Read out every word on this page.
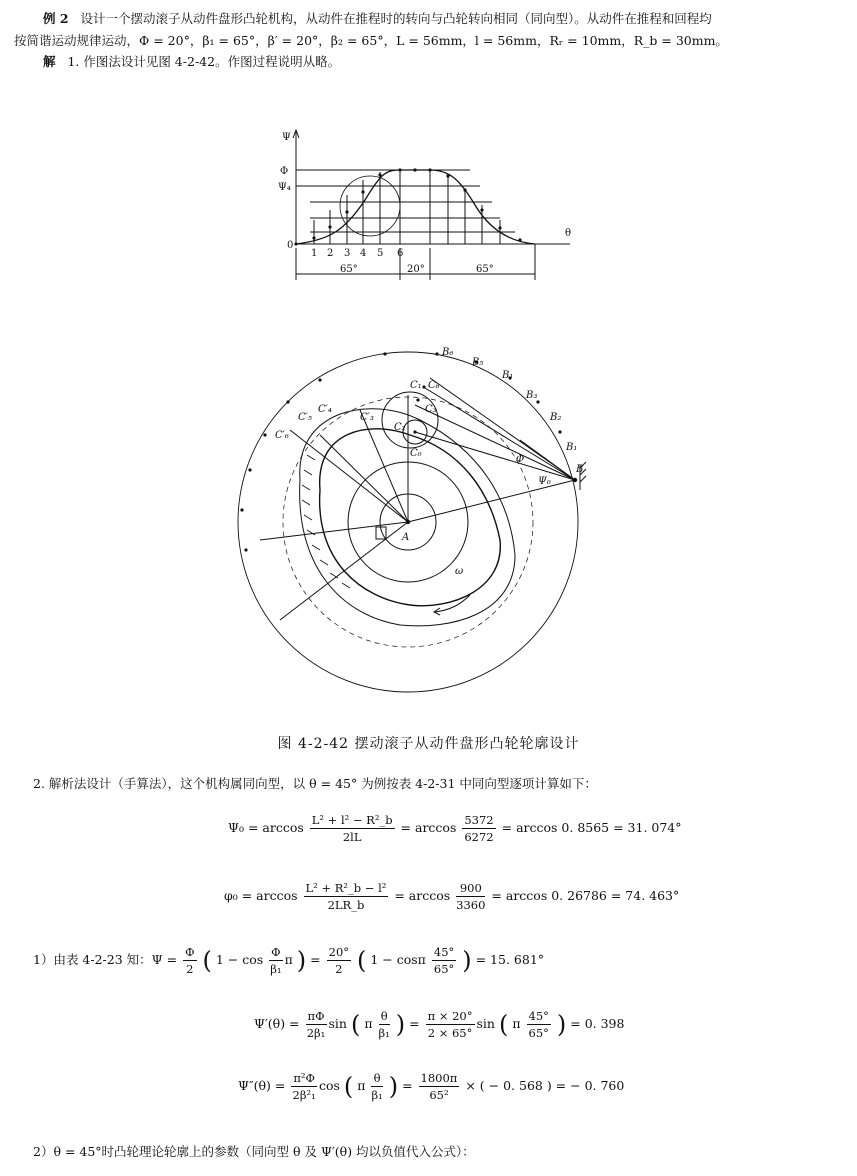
例 2 设计一个摆动滚子从动件盘形凸轮机构，从动件在推程时的转向与凸轮转向相同（同向型）。从动件在推程和回程均
按简谐运动规律运动，Φ = 20°，β₁ = 65°，β′ = 20°，β₂ = 65°，L = 56mm，l = 56mm，Rᵣ = 10mm，R_b = 30mm。
解 1. 作图法设计见图 4-2-42。作图过程说明从略。
Ψ
Φ
Ψ₄
θ
0
1 2 3 4 5 6
65°	20°	65°
A
B
B₁
B₂
B₃
B₁
B₅
B₆
C₀
C₁
C₂
C₃
C₆
C′₃
C′₄
C′₅
C′₆
Φ
Ψ₀
ω
图 4-2-42 摆动滚子从动件盘形凸轮轮廓设计
2. 解析法设计（手算法），这个机构属同向型，以 θ = 45° 为例按表 4-2-31 中同向型逐项计算如下：
$\Psi_0 = \arccos \frac{\text{L² + l² − R²\_b}}{2lL} = \arccos \frac{5372}{6272} = \arccos 0$. 8565 = 31. 074°
$\varphi_0 = \arccos \frac{\text{L² + R²\_b − l²}}{2LR\_b} = \arccos \frac{900}{3360} = \arccos 0$. 26786 = 74. 463°
1）由表 4-2-23 知：$\Psi = \frac{\Phi}{2}$ ( $1 - \cos \frac{\Phi}{\text{β₁}}$ π ) = $\frac{20^\circ}{2}$ ( 1 − cosπ $\frac{45^\circ}{65^\circ}$ ) = 15. 681°
$\Psi'(\theta) = \frac{\pi\Phi}{\text{2β₁}}$ sin ( π $\frac{\theta}{\text{β₁}}$ ) = $\frac{\pi \times 20^\circ}{2 \times 65^\circ}$ sin ( π $\frac{45^\circ}{65^\circ}$ ) = 0. 398
$\Psi''(\theta) = \frac{\text{π²Φ}}{\text{2β²₁}}$ cos ( π $\frac{\theta}{\text{β₁}}$ ) = $\frac{1800\pi}{\text{65²}}$ × ( − 0. 568 ) = − 0. 760
2）θ = 45°时凸轮理论轮廓上的参数（同向型 θ 及 Ψ′(θ) 均以负值代入公式）：
